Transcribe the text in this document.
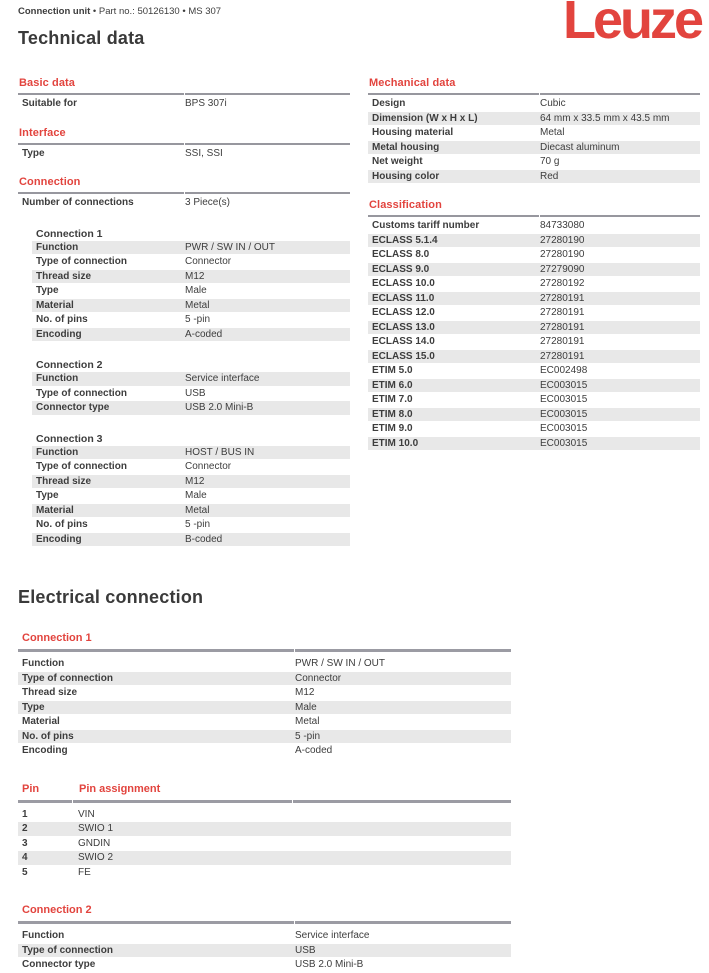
Connection unit • Part no.: 50126130 • MS 307	Leuze
Technical data
Basic data
Suitable for	BPS 307i
Interface
Type	SSI, SSI
Connection
Number of connections	3 Piece(s)
Connection 1
Function	PWR / SW IN / OUT
Type of connection	Connector
Thread size	M12
Type	Male
Material	Metal
No. of pins	5 -pin
Encoding	A-coded
Connection 2
Function	Service interface
Type of connection	USB
Connector type	USB 2.0 Mini-B
Connection 3
Function	HOST / BUS IN
Type of connection	Connector
Thread size	M12
Type	Male
Material	Metal
No. of pins	5 -pin
Encoding	B-coded
Mechanical data
Design	Cubic
Dimension (W x H x L)	64 mm x 33.5 mm x 43.5 mm
Housing material	Metal
Metal housing	Diecast aluminum
Net weight	70 g
Housing color	Red
Classification
Customs tariff number	84733080
ECLASS 5.1.4	27280190
ECLASS 8.0	27280190
ECLASS 9.0	27279090
ECLASS 10.0	27280192
ECLASS 11.0	27280191
ECLASS 12.0	27280191
ECLASS 13.0	27280191
ECLASS 14.0	27280191
ECLASS 15.0	27280191
ETIM 5.0	EC002498
ETIM 6.0	EC003015
ETIM 7.0	EC003015
ETIM 8.0	EC003015
ETIM 9.0	EC003015
ETIM 10.0	EC003015
Electrical connection
Connection 1
Function	PWR / SW IN / OUT
Type of connection	Connector
Thread size	M12
Type	Male
Material	Metal
No. of pins	5 -pin
Encoding	A-coded
Pin	Pin assignment
1	VIN
2	SWIO 1
3	GNDIN
4	SWIO 2
5	FE
Connection 2
Function	Service interface
Type of connection	USB
Connector type	USB 2.0 Mini-B
